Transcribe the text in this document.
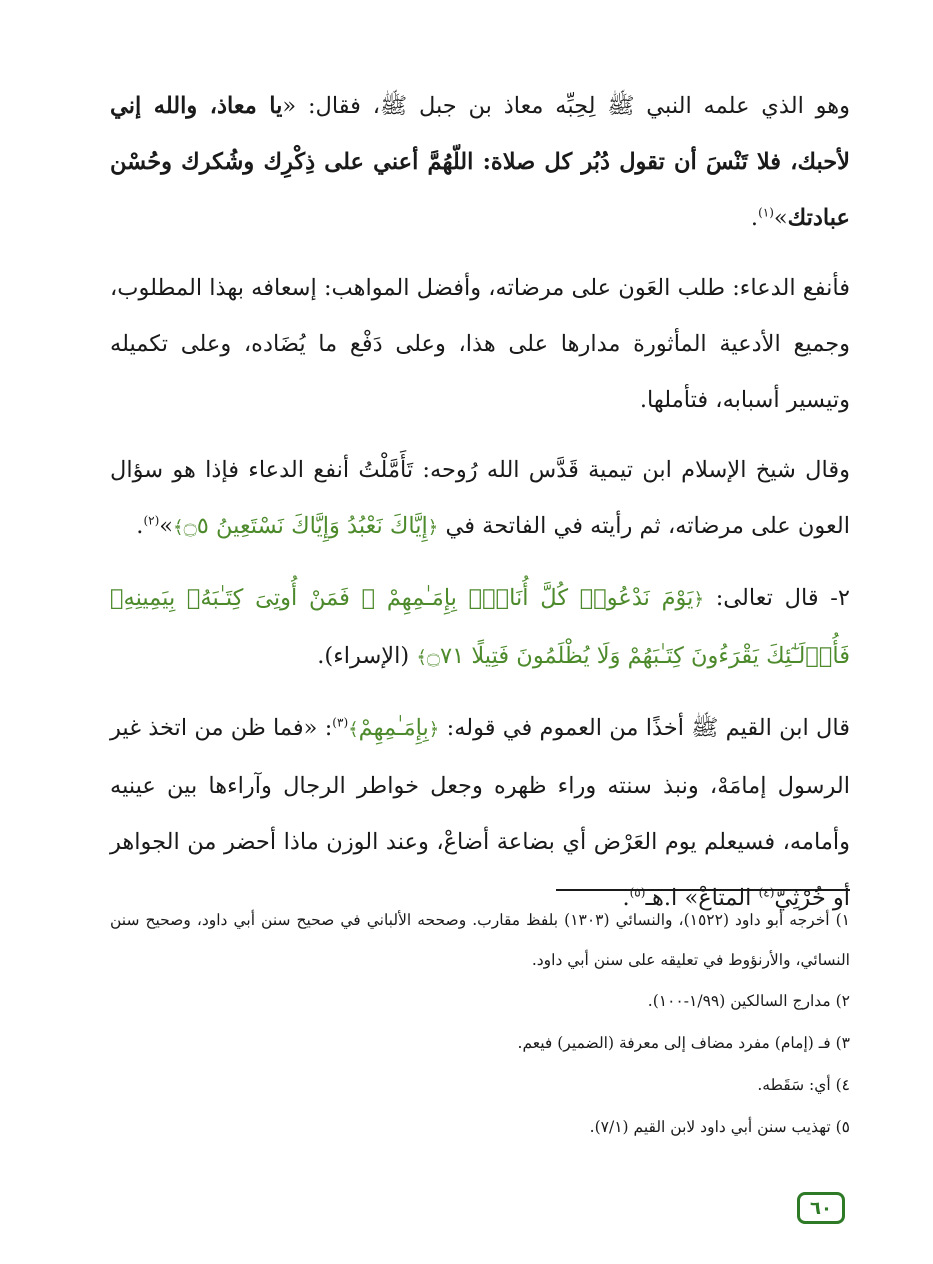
وهو الذي علمه النبي ﷺ لِحِبِّه معاذ بن جبل ﷺ، فقال: «يا معاذ، والله إني لأحبك، فلا تَنْسَ أن تقول دُبُر كل صلاة: اللّهُمَّ أعني على ذِكْرِك وشُكرك وحُسْن عبادتك»$^{(١)}$.

فأنفع الدعاء: طلب العَون على مرضاته، وأفضل المواهب: إسعافه بهذا المطلوب، وجميع الأدعية المأثورة مدارها على هذا، وعلى دَفْع ما يُضَاده، وعلى تكميله وتيسير أسبابه، فتأملها.

وقال شيخ الإسلام ابن تيمية قَدَّس الله رُوحه: تَأَمَّلْتُ أنفع الدعاء فإذا هو سؤال العون على مرضاته، ثم رأيته في الفاتحة في ﴿إِيَّاكَ نَعْبُدُ وَإِيَّاكَ نَسْتَعِينُ ۝٥﴾»$^{(٢)}$.

٢- قال تعالى: ﴿يَوْمَ نَدْعُوا۟ كُلَّ أُنَاسٍۭ بِإِمَـٰمِهِمْ ۖ فَمَنْ أُوتِىَ كِتَـٰبَهُۥ بِيَمِينِهِۦ فَأُو۟لَـٰٓئِكَ يَقْرَءُونَ كِتَـٰبَهُمْ وَلَا يُظْلَمُونَ فَتِيلًا ۝٧١﴾ (الإسراء).

قال ابن القيم ﷺ أخذًا من العموم في قوله: ﴿بِإِمَـٰمِهِمْ﴾$^{(٣)}$: «فما ظن من اتخذ غير الرسول إمامَهْ، ونبذ سنته وراء ظهره وجعل خواطر الرجال وآراءها بين عينيه وأمامه، فسيعلم يوم العَرْض أي بضاعة أضاعْ، وعند الوزن ماذا أحضر من الجواهر أو خُرْثِيّ$^{(٤)}$ المتاعْ» ا.هـ$^{(٥)}$.

١) أخرجه أبو داود (١٥٢٢)، والنسائي (١٣٠٣) بلفظ مقارب. وصححه الألباني في صحيح سنن أبي داود، وصحيح سنن النسائي، والأرنؤوط في تعليقه على سنن أبي داود.

٢) مدارج السالكين (١/٩٩-١٠٠).

٣) فـ (إمام) مفرد مضاف إلى معرفة (الضمير) فيعم.

٤) أي: سَقَطه.

٥) تهذيب سنن أبي داود لابن القيم (٧/١).

٦٠
